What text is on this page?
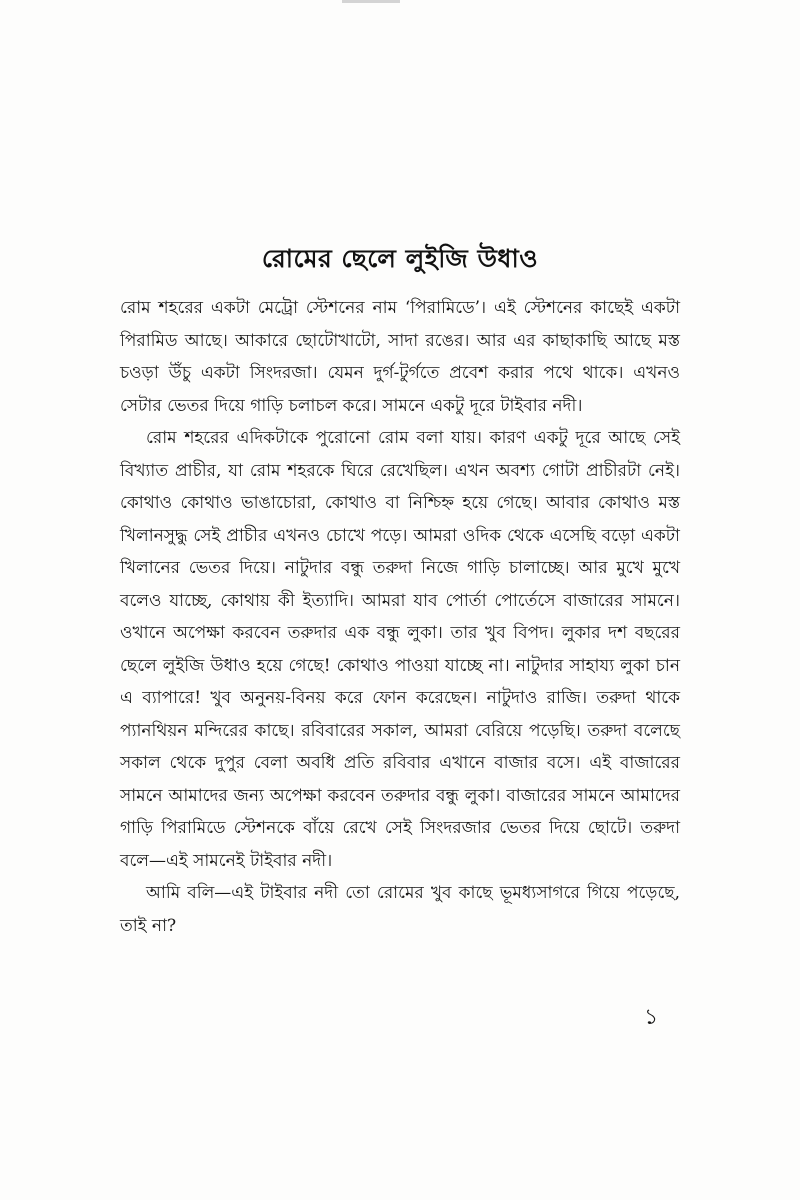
রোমের ছেলে লুইজি উধাও

রোম শহরের একটা মেট্রো স্টেশনের নাম ‘পিরামিডে’। এই স্টেশনের কাছেই একটা পিরামিড আছে। আকারে ছোটোখাটো, সাদা রঙের। আর এর কাছাকাছি আছে মস্ত চওড়া উঁচু একটা সিংদরজা। যেমন দুর্গ-টুর্গতে প্রবেশ করার পথে থাকে। এখনও সেটার ভেতর দিয়ে গাড়ি চলাচল করে। সামনে একটু দূরে টাইবার নদী।

রোম শহরের এদিকটাকে পুরোনো রোম বলা যায়। কারণ একটু দূরে আছে সেই বিখ্যাত প্রাচীর, যা রোম শহরকে ঘিরে রেখেছিল। এখন অবশ্য গোটা প্রাচীরটা নেই। কোথাও কোথাও ভাঙাচোরা, কোথাও বা নিশ্চিহ্ন হয়ে গেছে। আবার কোথাও মস্ত খিলানসুদ্ধু সেই প্রাচীর এখনও চোখে পড়ে। আমরা ওদিক থেকে এসেছি বড়ো একটা খিলানের ভেতর দিয়ে। নাটুদার বন্ধু তরুদা নিজে গাড়ি চালাচ্ছে। আর মুখে মুখে বলেও যাচ্ছে, কোথায় কী ইত্যাদি। আমরা যাব পোর্তা পোর্তেসে বাজারের সামনে। ওখানে অপেক্ষা করবেন তরুদার এক বন্ধু লুকা। তার খুব বিপদ। লুকার দশ বছরের ছেলে লুইজি উধাও হয়ে গেছে! কোথাও পাওয়া যাচ্ছে না। নাটুদার সাহায্য লুকা চান এ ব্যাপারে! খুব অনুনয়-বিনয় করে ফোন করেছেন। নাটুদাও রাজি। তরুদা থাকে প্যানথিয়ন মন্দিরের কাছে। রবিবারের সকাল, আমরা বেরিয়ে পড়েছি। তরুদা বলেছে সকাল থেকে দুপুর বেলা অবধি প্রতি রবিবার এখানে বাজার বসে। এই বাজারের সামনে আমাদের জন্য অপেক্ষা করবেন তরুদার বন্ধু লুকা। বাজারের সামনে আমাদের গাড়ি পিরামিডে স্টেশনকে বাঁয়ে রেখে সেই সিংদরজার ভেতর দিয়ে ছোটে। তরুদা বলে—এই সামনেই টাইবার নদী।

আমি বলি—এই টাইবার নদী তো রোমের খুব কাছে ভূমধ্যসাগরে গিয়ে পড়েছে, তাই না?

১
